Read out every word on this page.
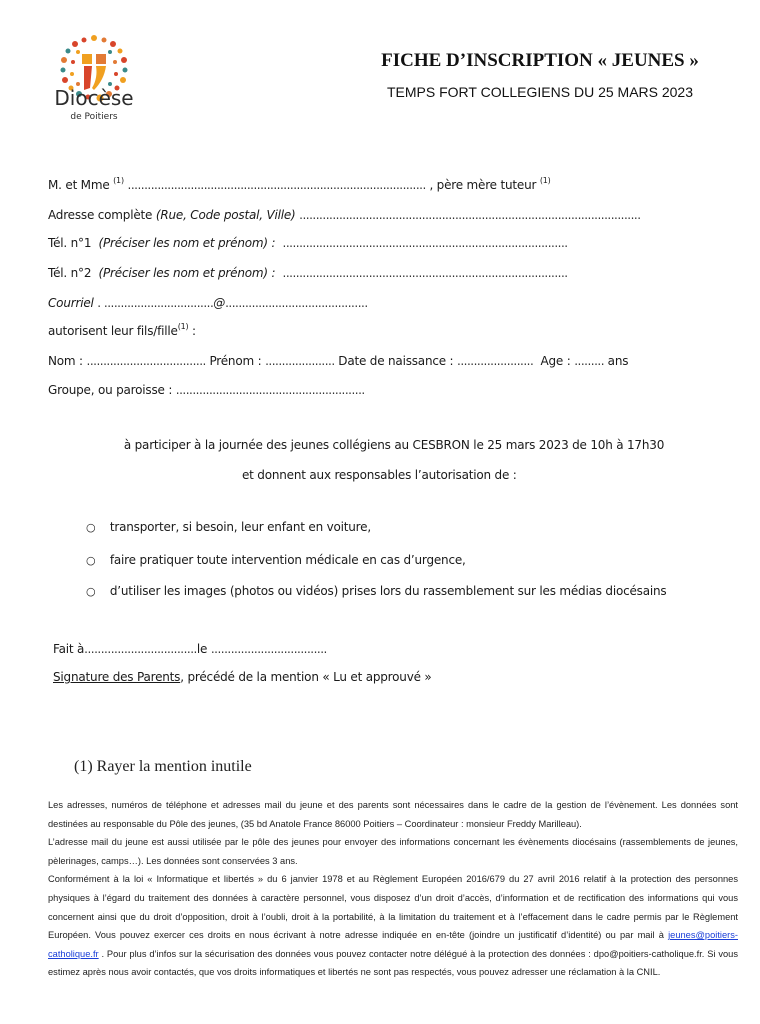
Diocèse
de Poitiers
FICHE D’INSCRIPTION « JEUNES »
TEMPS FORT COLLEGIENS DU 25 MARS 2023
M. et Mme $^{(1)}$ .......................................................................................... , père mère tuteur $^{(1)}$
Adresse complète (Rue, Code postal, Ville) .......................................................................................................
Tél. n°1 (Préciser les nom et prénom) : ......................................................................................
Tél. n°2 (Préciser les nom et prénom) : ......................................................................................
Courriel . .................................@...........................................
autorisent leur fils/fille$^{(1)}$ :
Nom : .................................... Prénom : ..................... Date de naissance : ....................... Age : ......... ans
Groupe, ou paroisse : .........................................................
à participer à la journée des jeunes collégiens au CESBRON le 25 mars 2023 de 10h à 17h30
et donnent aux responsables l’autorisation de :
○ transporter, si besoin, leur enfant en voiture,
○ faire pratiquer toute intervention médicale en cas d’urgence,
○ d’utiliser les images (photos ou vidéos) prises lors du rassemblement sur les médias diocésains
Fait à..................................le ...................................
Signature des Parents, précédé de la mention « Lu et approuvé »
(1) Rayer la mention inutile

Les adresses, numéros de téléphone et adresses mail du jeune et des parents sont nécessaires dans le cadre de la gestion de l’évènement. Les données sont destinées au responsable du Pôle des jeunes, (35 bd Anatole France 86000 Poitiers – Coordinateur : monsieur Freddy Marilleau).

L’adresse mail du jeune est aussi utilisée par le pôle des jeunes pour envoyer des informations concernant les évènements diocésains (rassemblements de jeunes, pèlerinages, camps…). Les données sont conservées 3 ans.

Conformément à la loi « Informatique et libertés » du 6 janvier 1978 et au Règlement Européen 2016/679 du 27 avril 2016 relatif à la protection des personnes physiques à l’égard du traitement des données à caractère personnel, vous disposez d’un droit d’accès, d’information et de rectification des informations qui vous concernent ainsi que du droit d’opposition, droit à l’oubli, droit à la portabilité, à la limitation du traitement et à l’effacement dans le cadre permis par le Règlement Européen. Vous pouvez exercer ces droits en nous écrivant à notre adresse indiquée en en-tête (joindre un justificatif d’identité) ou par mail à jeunes@poitiers-catholique.fr . Pour plus d’infos sur la sécurisation des données vous pouvez contacter notre délégué à la protection des données : dpo@poitiers-catholique.fr. Si vous estimez après nous avoir contactés, que vos droits informatiques et libertés ne sont pas respectés, vous pouvez adresser une réclamation à la CNIL.
